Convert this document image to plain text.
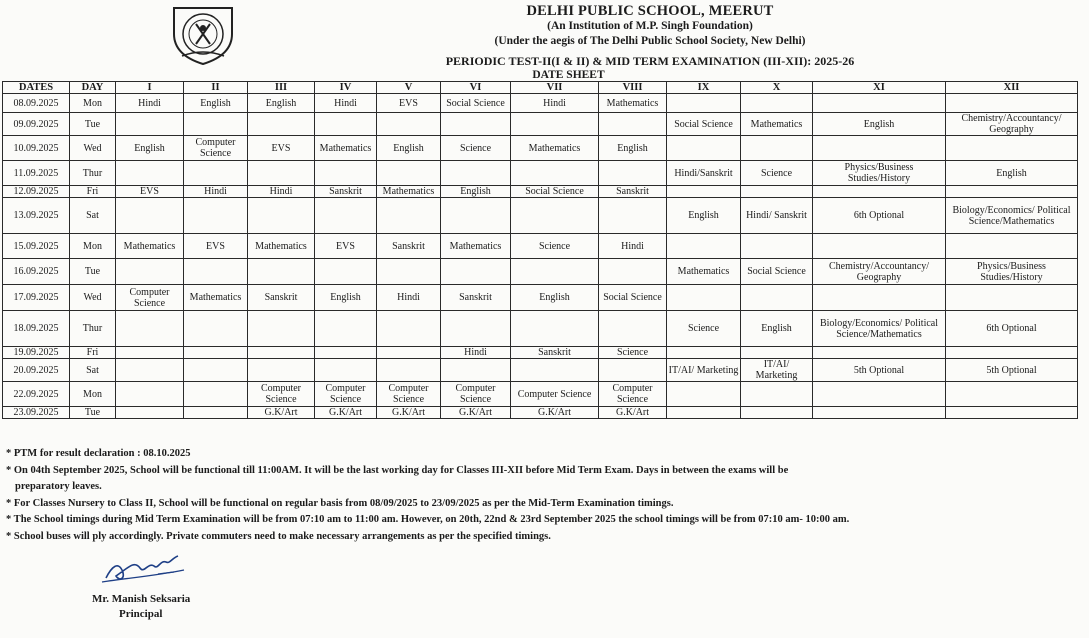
DELHI PUBLIC SCHOOL, MEERUT
(An Institution of M.P. Singh Foundation)
(Under the aegis of The Delhi Public School Society, New Delhi)
PERIODIC TEST-II(I & II) & MID TERM EXAMINATION (III-XII): 2025-26
DATE SHEET
DATES	DAY	I	II	III	IV	V	VI	VII	VIII	IX	X	XI	XII
08.09.2025	Mon	Hindi	English	English	Hindi	EVS	Social Science	Hindi	Mathematics				
09.09.2025	Tue									Social Science	Mathematics	English	Chemistry/Accountancy/ Geography
10.09.2025	Wed	English	Computer Science	EVS	Mathematics	English	Science	Mathematics	English				
11.09.2025	Thur									Hindi/Sanskrit	Science	Physics/Business Studies/History	English
12.09.2025	Fri	EVS	Hindi	Hindi	Sanskrit	Mathematics	English	Social Science	Sanskrit				
13.09.2025	Sat									English	Hindi/ Sanskrit	6th Optional	Biology/Economics/ Political Science/Mathematics
15.09.2025	Mon	Mathematics	EVS	Mathematics	EVS	Sanskrit	Mathematics	Science	Hindi				
16.09.2025	Tue									Mathematics	Social Science	Chemistry/Accountancy/ Geography	Physics/Business Studies/History
17.09.2025	Wed	Computer Science	Mathematics	Sanskrit	English	Hindi	Sanskrit	English	Social Science				
18.09.2025	Thur									Science	English	Biology/Economics/ Political Science/Mathematics	6th Optional
19.09.2025	Fri						Hindi	Sanskrit	Science				
20.09.2025	Sat									IT/AI/ Marketing	IT/AI/ Marketing	5th Optional	5th Optional
22.09.2025	Mon			Computer Science	Computer Science	Computer Science	Computer Science	Computer Science	Computer Science				
23.09.2025	Tue			G.K/Art	G.K/Art	G.K/Art	G.K/Art	G.K/Art	G.K/Art				
* PTM for result declaration : 08.10.2025
* On 04th September 2025, School will be functional till 11:00AM. It will be the last working day for Classes III-XII before Mid Term Exam. Days in between the exams will be
preparatory leaves.
* For Classes Nursery to Class II, School will be functional on regular basis from 08/09/2025 to 23/09/2025 as per the Mid-Term Examination timings.
* The School timings during Mid Term Examination will be from 07:10 am to 11:00 am. However, on 20th, 22nd & 23rd September 2025 the school timings will be from 07:10 am- 10:00 am.
* School buses will ply accordingly. Private commuters need to make necessary arrangements as per the specified timings.
Mr. Manish Seksaria
Principal
